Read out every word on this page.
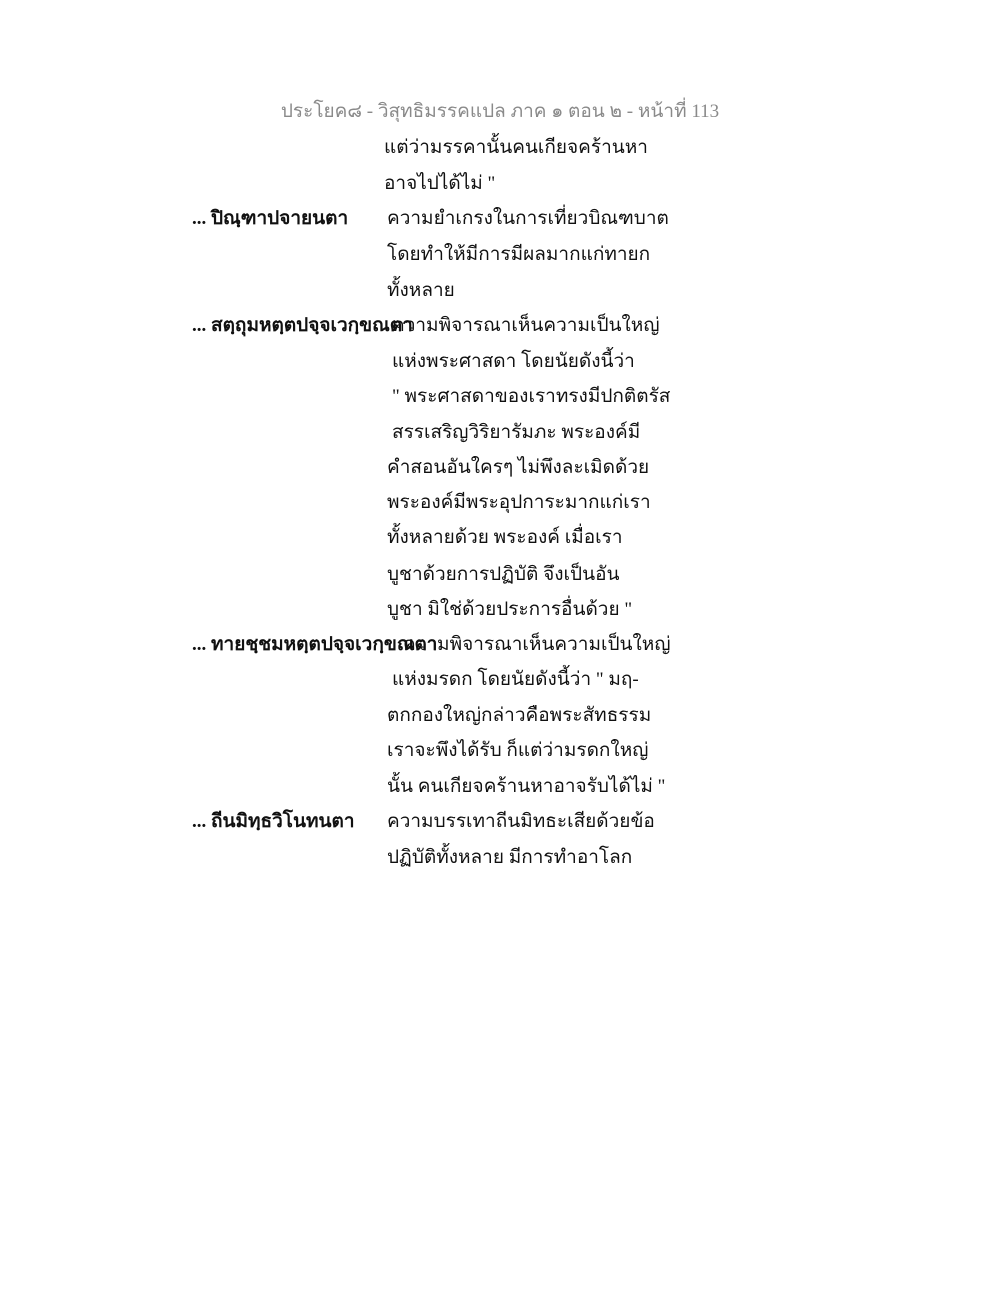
ประโยค๘ - วิสุทธิมรรคแปล ภาค ๑ ตอน ๒ - หน้าที่ 113
แต่ว่ามรรคานั้นคนเกียจคร้านหา
อาจไปได้ไม่ "
... ปิณฺฑาปจายนตา ความยำเกรงในการเที่ยวบิณฑบาต
โดยทำให้มีการมีผลมากแก่ทายก
ทั้งหลาย
... สตฺถุมหตฺตปจฺจเวกฺขณตา
ความพิจารณาเห็นความเป็นใหญ่
แห่งพระศาสดา โดยนัยดังนี้ว่า
" พระศาสดาของเราทรงมีปกติตรัส
สรรเสริญวิริยารัมภะ พระองค์มี
คำสอนอันใครๆ ไม่พึงละเมิดด้วย
พระองค์มีพระอุปการะมากแก่เรา
ทั้งหลายด้วย พระองค์ เมื่อเรา
บูชาด้วยการปฏิบัติ จึงเป็นอัน
บูชา มิใช่ด้วยประการอื่นด้วย "
... ทายชฺชมหตฺตปจฺจเวกฺขณตา
ความพิจารณาเห็นความเป็นใหญ่
แห่งมรดก โดยนัยดังนี้ว่า " มฤ-
ตกกองใหญ่กล่าวคือพระสัทธรรม
เราจะพึงได้รับ ก็แต่ว่ามรดกใหญ่
นั้น คนเกียจคร้านหาอาจรับได้ไม่ "
... ถีนมิทฺธวิโนทนตา ความบรรเทาถีนมิทธะเสียด้วยข้อ
ปฏิบัติทั้งหลาย มีการทำอาโลก
